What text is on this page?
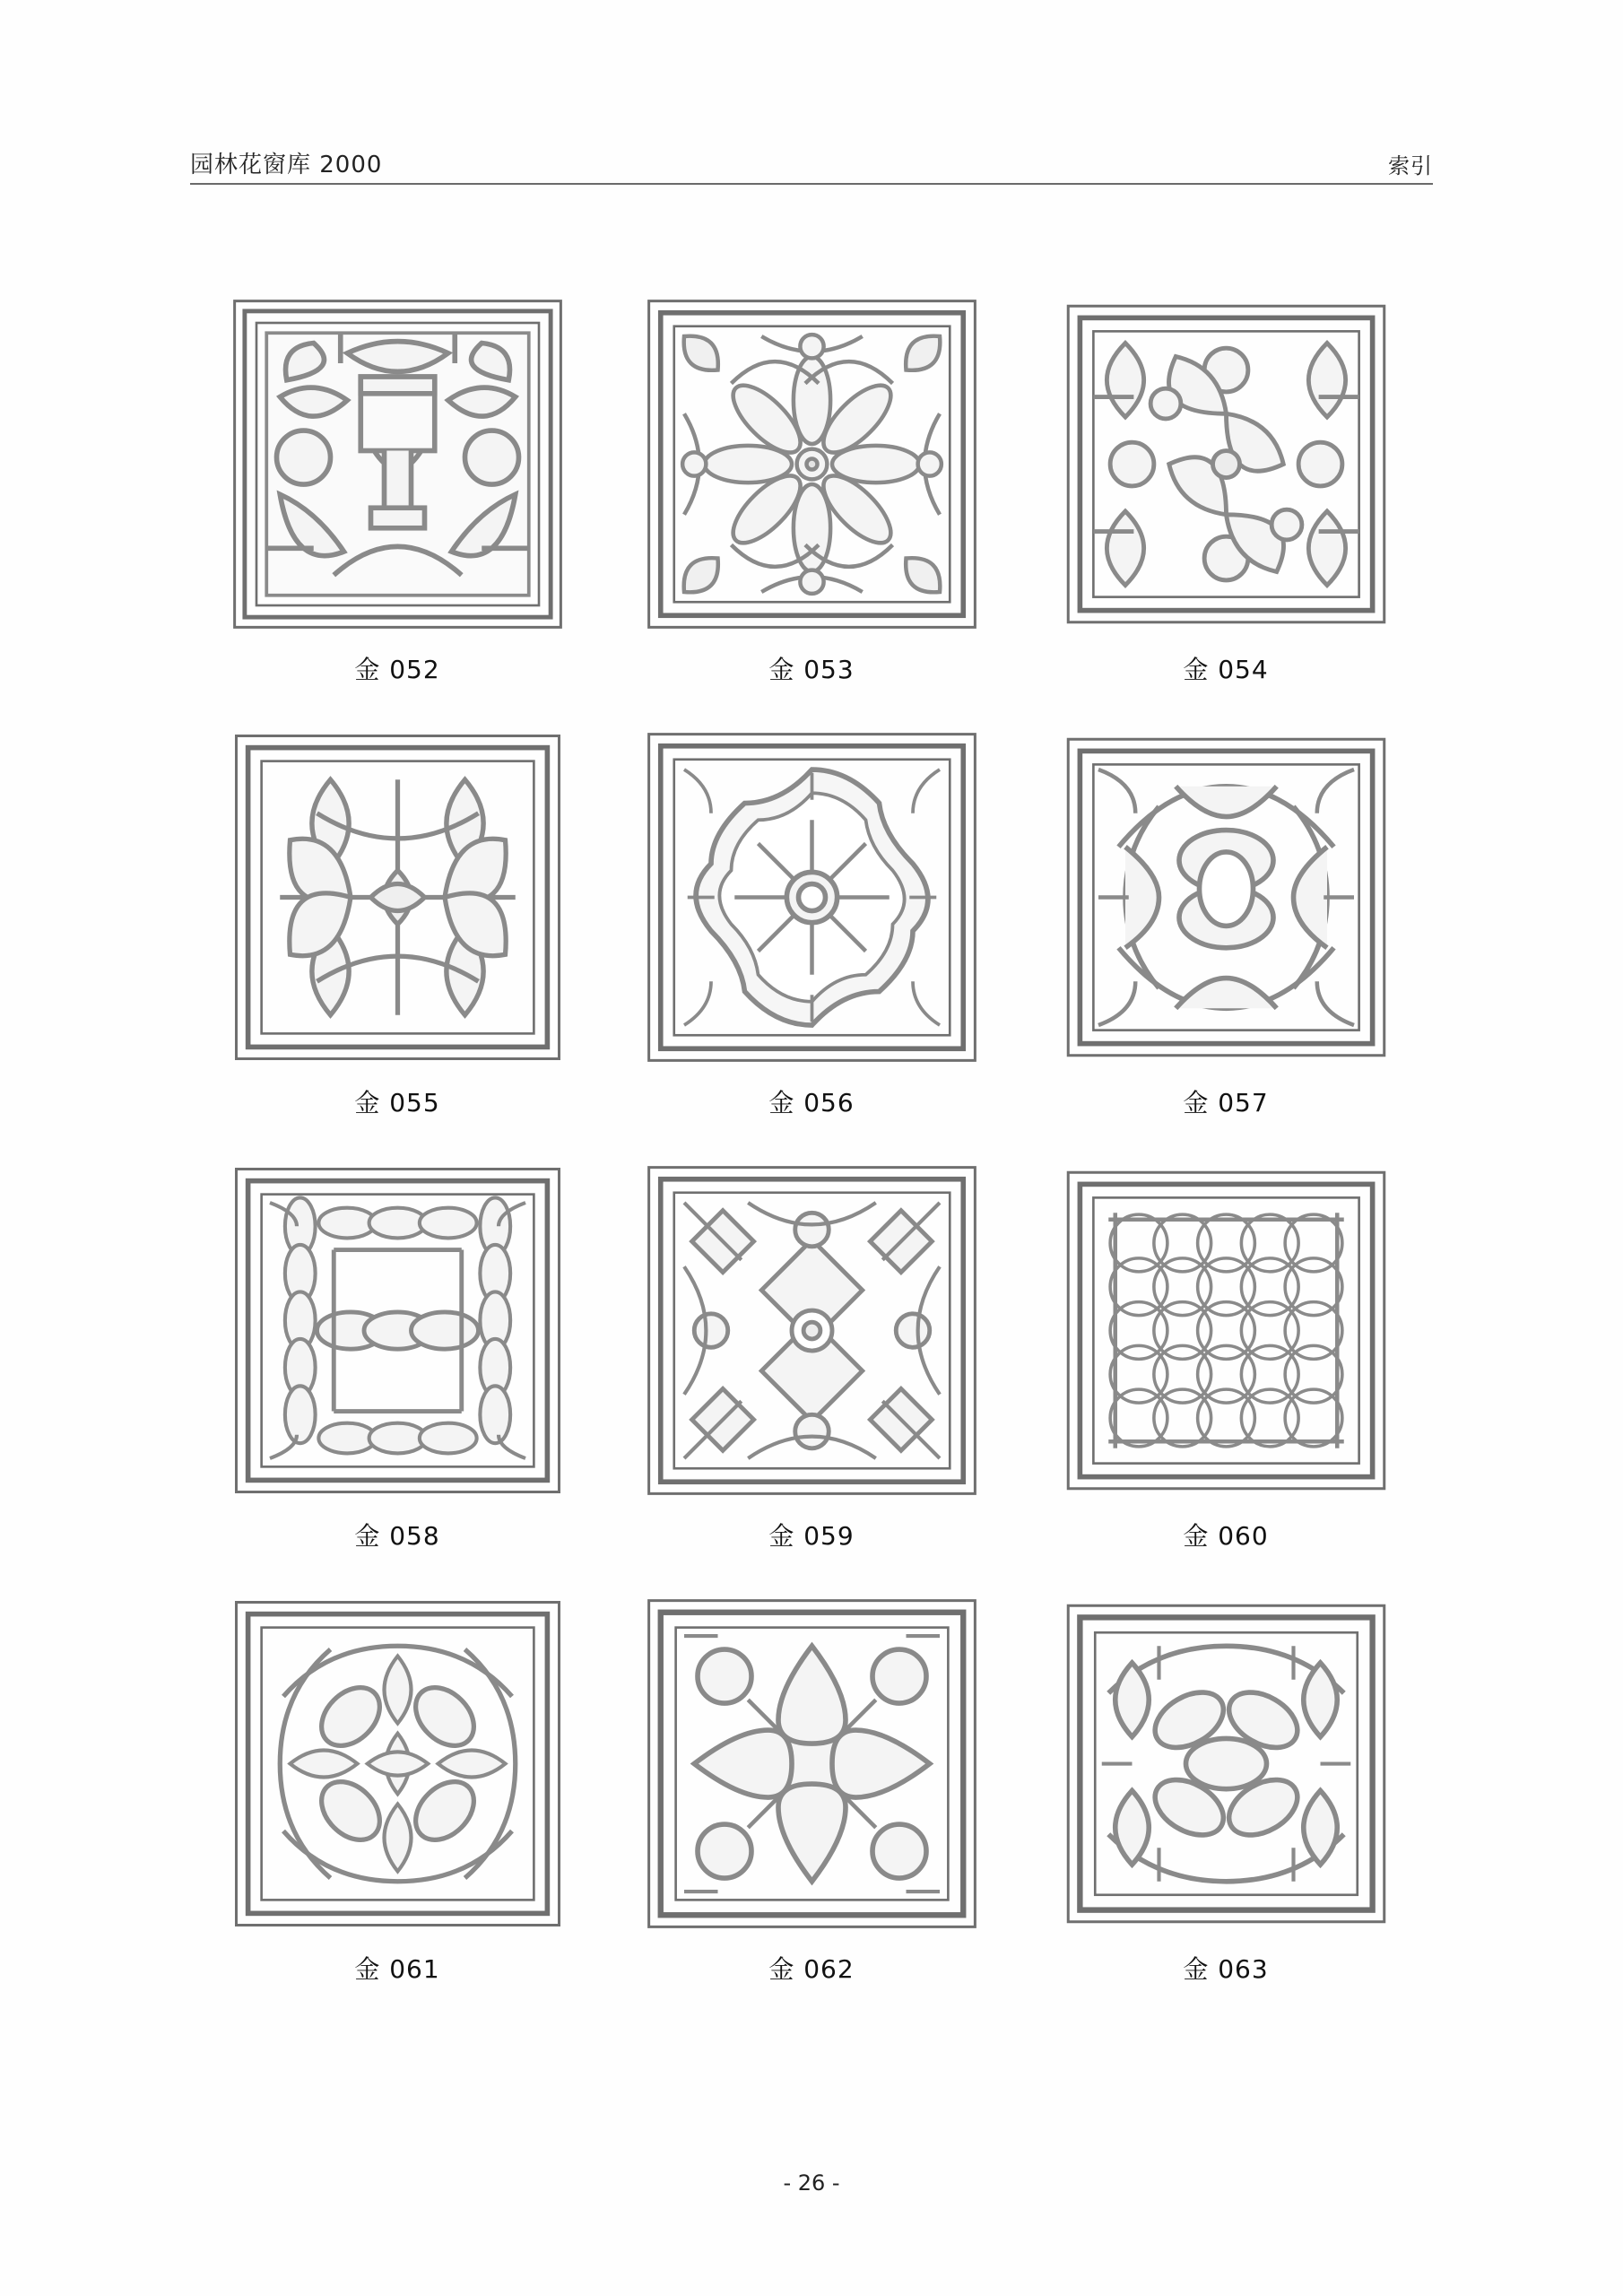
园林花窗库 2000	索引
金 052	金 053	金 054
金 055	金 056	金 057
金 058	金 059	金 060
金 061	金 062	金 063
- 26 -
